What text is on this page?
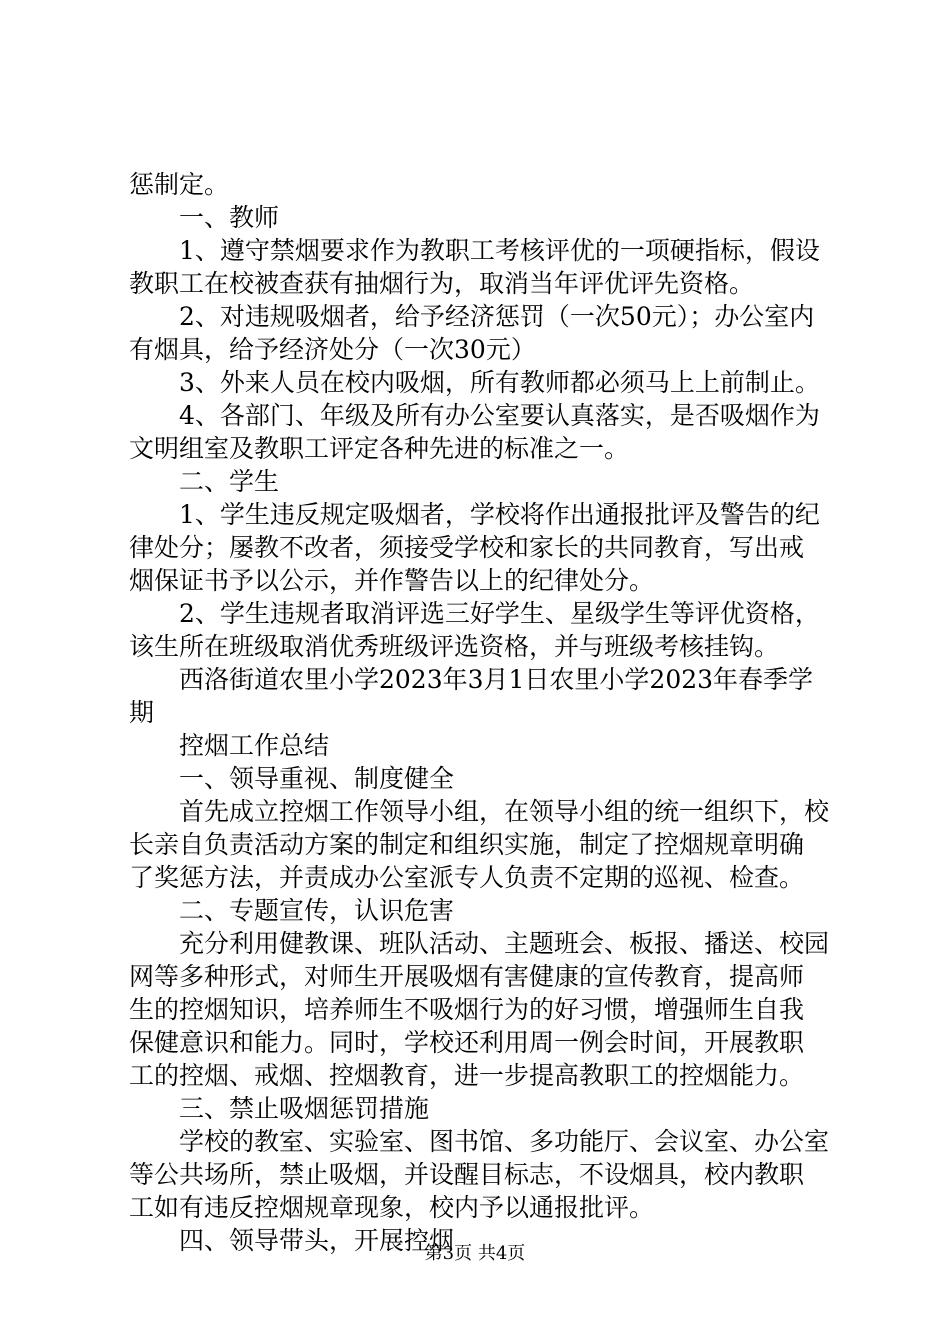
惩制定。
一、教师
1、遵守禁烟要求作为教职工考核评优的一项硬指标，假设
教职工在校被查获有抽烟行为，取消当年评优评先资格。
2、对违规吸烟者，给予经济惩罚（一次50元）；办公室内
有烟具，给予经济处分（一次30元）
3、外来人员在校内吸烟，所有教师都必须马上上前制止。
4、各部门、年级及所有办公室要认真落实，是否吸烟作为
文明组室及教职工评定各种先进的标准之一。
二、学生
1、学生违反规定吸烟者，学校将作出通报批评及警告的纪
律处分；屡教不改者，须接受学校和家长的共同教育，写出戒
烟保证书予以公示，并作警告以上的纪律处分。
2、学生违规者取消评选三好学生、星级学生等评优资格，
该生所在班级取消优秀班级评选资格，并与班级考核挂钩。
西洛街道农里小学2023年3月1日农里小学2023年春季学
期
控烟工作总结
一、领导重视、制度健全
首先成立控烟工作领导小组，在领导小组的统一组织下，校
长亲自负责活动方案的制定和组织实施，制定了控烟规章明确
了奖惩方法，并责成办公室派专人负责不定期的巡视、检查。
二、专题宣传，认识危害
充分利用健教课、班队活动、主题班会、板报、播送、校园
网等多种形式，对师生开展吸烟有害健康的宣传教育，提高师
生的控烟知识，培养师生不吸烟行为的好习惯，增强师生自我
保健意识和能力。同时，学校还利用周一例会时间，开展教职
工的控烟、戒烟、控烟教育，进一步提高教职工的控烟能力。
三、禁止吸烟惩罚措施
学校的教室、实验室、图书馆、多功能厅、会议室、办公室
等公共场所，禁止吸烟，并设醒目标志，不设烟具，校内教职
工如有违反控烟规章现象，校内予以通报批评。
四、领导带头，开展控烟
第3页 共4页
